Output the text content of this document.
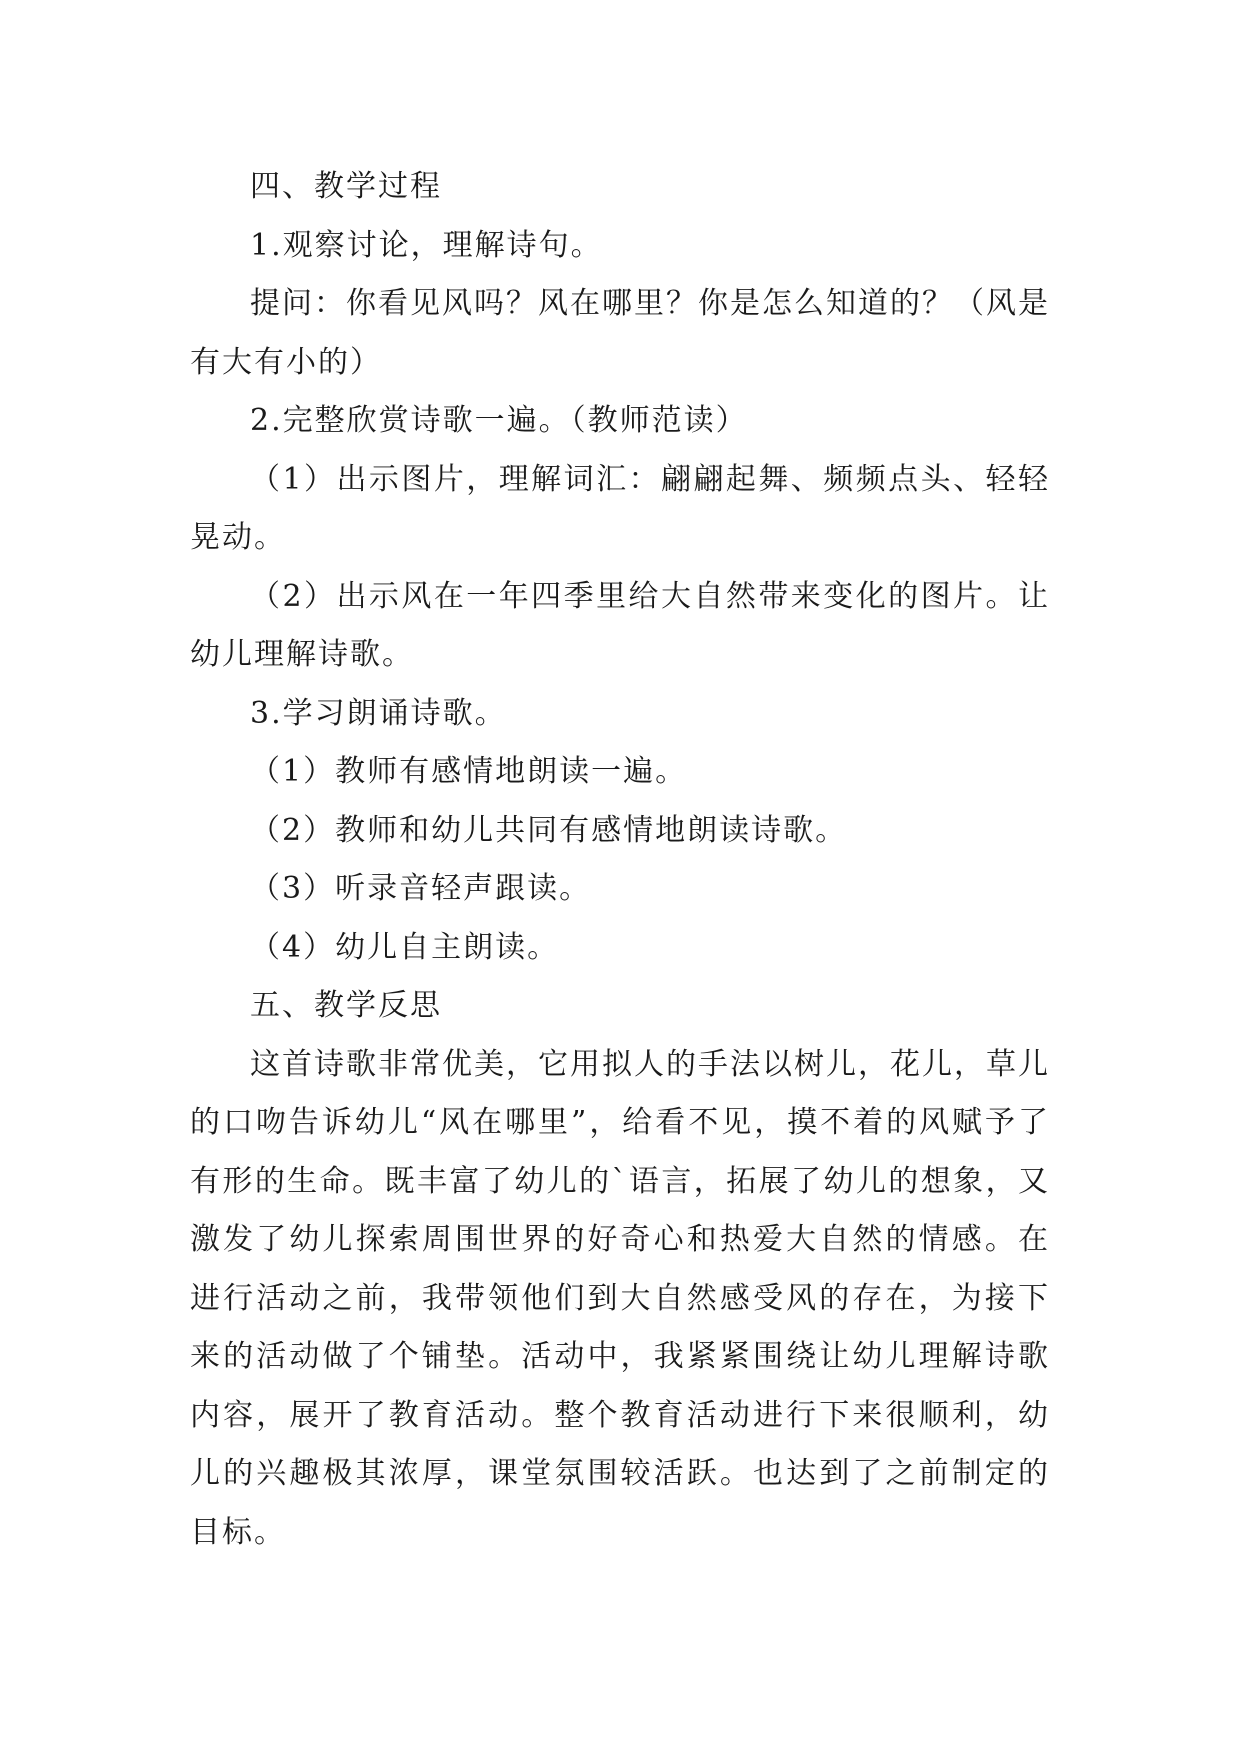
四、教学过程

1.观察讨论，理解诗句。

提问：你看见风吗？风在哪里？你是怎么知道的？（风是有大有小的）

2.完整欣赏诗歌一遍。（教师范读）

（1）出示图片，理解词汇：翩翩起舞、频频点头、轻轻晃动。

（2）出示风在一年四季里给大自然带来变化的图片。让幼儿理解诗歌。

3.学习朗诵诗歌。

（1）教师有感情地朗读一遍。

（2）教师和幼儿共同有感情地朗读诗歌。

（3）听录音轻声跟读。

（4）幼儿自主朗读。

五、教学反思

这首诗歌非常优美，它用拟人的手法以树儿，花儿，草儿的口吻告诉幼儿“风在哪里”，给看不见，摸不着的风赋予了有形的生命。既丰富了幼儿的`语言，拓展了幼儿的想象，又激发了幼儿探索周围世界的好奇心和热爱大自然的情感。在进行活动之前，我带领他们到大自然感受风的存在，为接下来的活动做了个铺垫。活动中，我紧紧围绕让幼儿理解诗歌内容，展开了教育活动。整个教育活动进行下来很顺利，幼儿的兴趣极其浓厚，课堂氛围较活跃。也达到了之前制定的目标。
